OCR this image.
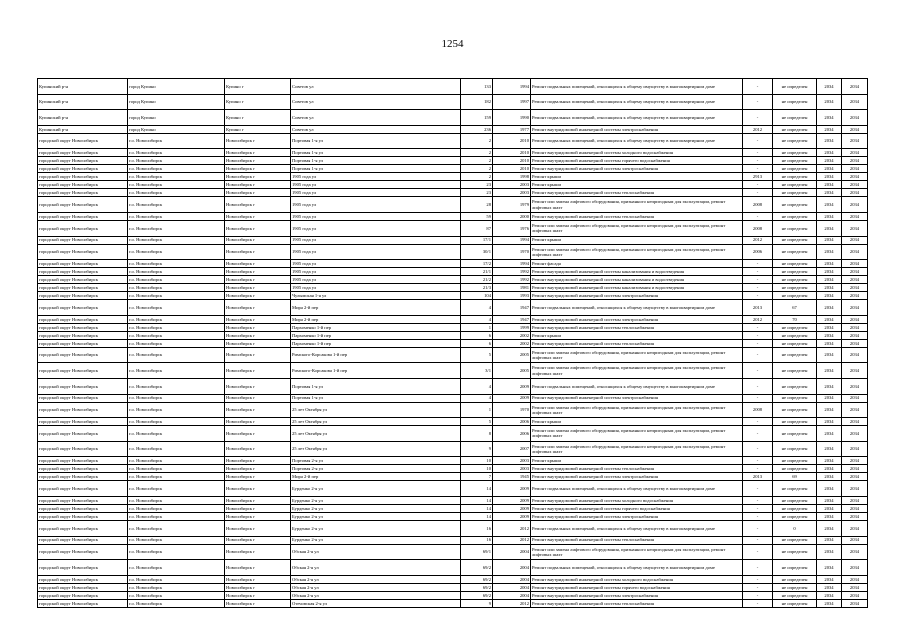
1254
Купинский р-н	город Купино	Купино г	Советов ул	133	1994	Ремонт подвальных помещений, относящихся к общему имуществу в многоквартирном доме	-	не определен	2034	2034
Купинский р-н	город Купино	Купино г	Советов ул	182	1997	Ремонт подвальных помещений, относящихся к общему имуществу в многоквартирном доме	-	не определен	2034	2034
Купинский р-н	город Купино	Купино г	Советов ул	159	1990	Ремонт подвальных помещений, относящихся к общему имуществу в многоквартирном доме	-	не определен	2034	2034
Купинский р-н	город Купино	Купино г	Советов ул	236	1977	Ремонт внутридомовой инженерной системы электроснабжения	2012	не определен	2034	2034
городской округ Новосибирск	г.о. Новосибирск	Новосибирск г	Портовая 1-я ул	2	2010	Ремонт подвальных помещений, относящихся к общему имуществу в многоквартирном доме	-	не определен	2034	2034
городской округ Новосибирск	г.о. Новосибирск	Новосибирск г	Портовая 1-я ул	2	2010	Ремонт внутридомовой инженерной системы холодного водоснабжения	-	не определен	2034	2034
городской округ Новосибирск	г.о. Новосибирск	Новосибирск г	Портовая 1-я ул	2	2010	Ремонт внутридомовой инженерной системы горячего водоснабжения	-	не определен	2034	2034
городской округ Новосибирск	г.о. Новосибирск	Новосибирск г	Портовая 1-я ул	2	2010	Ремонт внутридомовой инженерной системы электроснабжения	-	не определен	2034	2034
городской округ Новосибирск	г.о. Новосибирск	Новосибирск г	1905 года ул	2	1998	Ремонт крыши	2913	не определен	2034	2034
городской округ Новосибирск	г.о. Новосибирск	Новосибирск г	1905 года ул	23	2003	Ремонт крыши	-	не определен	2034	2034
городской округ Новосибирск	г.о. Новосибирск	Новосибирск г	1905 года ул	23	2003	Ремонт внутридомовой инженерной системы теплоснабжения	-	не определен	2034	2034
городской округ Новосибирск	г.о. Новосибирск	Новосибирск г	1905 года ул	28	1979	Ремонт или замена лифтового оборудования, признанного непригодным для эксплуатации, ремонт лифтовых шахт	2008	не определен	2034	2034
городской округ Новосибирск	г.о. Новосибирск	Новосибирск г	1905 года ул	59	2000	Ремонт внутридомовой инженерной системы теплоснабжения	-	не определен	2034	2034
городской округ Новосибирск	г.о. Новосибирск	Новосибирск г	1905 года ул	87	1976	Ремонт или замена лифтового оборудования, признанного непригодным для эксплуатации, ремонт лифтовых шахт	2008	не определен	2034	2034
городской округ Новосибирск	г.о. Новосибирск	Новосибирск г	1905 года ул	17/1	1994	Ремонт крыши	2012	не определен	2034	2034
городской округ Новосибирск	г.о. Новосибирск	Новосибирск г	1905 года ул	30/1	1970	Ремонт или замена лифтового оборудования, признанного непригодным для эксплуатации, ремонт лифтовых шахт	2006	не определен	2034	2034
городской округ Новосибирск	г.о. Новосибирск	Новосибирск г	1905 года ул	17/2	1994	Ремонт фасада	-	не определен	2034	2034
городской округ Новосибирск	г.о. Новосибирск	Новосибирск г	1905 года ул	21/1	1992	Ремонт внутридомовой инженерной системы канализования и водоотведения	-	не определен	2034	2034
городской округ Новосибирск	г.о. Новосибирск	Новосибирск г	1905 года ул	21/2	1992	Ремонт внутридомовой инженерной системы канализования и водоотведения	-	не определен	2034	2034
городской округ Новосибирск	г.о. Новосибирск	Новосибирск г	1905 года ул	21/3	1981	Ремонт внутридомовой инженерной системы канализования и водоотведения	-	не определен	2034	2034
городской округ Новосибирск	г.о. Новосибирск	Новосибирск г	Чулымская 1-я ул	104	1993	Ремонт внутридомовой инженерной системы электроснабжения	-	не определен	2034	2034
городской округ Новосибирск	г.о. Новосибирск	Новосибирск г	Мира 2-й пер	4	1947	Ремонт подвальных помещений, относящихся к общему имуществу в многоквартирном доме	2013	67	2034	2034
городской округ Новосибирск	г.о. Новосибирск	Новосибирск г	Мира 2-й пер	4	1947	Ремонт внутридомовой инженерной системы электроснабжения	2012	70	2034	2034
городской округ Новосибирск	г.о. Новосибирск	Новосибирск г	Пархоменко 1-й пер	1	1999	Ремонт внутридомовой инженерной системы теплоснабжения	-	не определен	2034	2034
городской округ Новосибирск	г.о. Новосибирск	Новосибирск г	Пархоменко 1-й пер	6	2002	Ремонт крыши	-	не определен	2034	2034
городской округ Новосибирск	г.о. Новосибирск	Новосибирск г	Пархоменко 1-й пер	6	2002	Ремонт внутридомовой инженерной системы теплоснабжения	-	не определен	2034	2034
городской округ Новосибирск	г.о. Новосибирск	Новосибирск г	Римского-Корсакова 1-й пер	5	2005	Ремонт или замена лифтового оборудования, признанного непригодным для эксплуатации, ремонт лифтовых шахт	-	не определен	2034	2034
городской округ Новосибирск	г.о. Новосибирск	Новосибирск г	Римского-Корсакова 1-й пер	3/1	2005	Ремонт или замена лифтового оборудования, признанного непригодным для эксплуатации, ремонт лифтовых шахт	-	не определен	2034	2034
городской округ Новосибирск	г.о. Новосибирск	Новосибирск г	Портовая 1-я ул	4	2009	Ремонт подвальных помещений, относящихся к общему имуществу в многоквартирном доме	-	не определен	2034	2034
городской округ Новосибирск	г.о. Новосибирск	Новосибирск г	Портовая 1-я ул	4	2009	Ремонт внутридомовой инженерной системы электроснабжения	-	не определен	2034	2034
городской округ Новосибирск	г.о. Новосибирск	Новосибирск г	25 лет Октября ул	1	1970	Ремонт или замена лифтового оборудования, признанного непригодным для эксплуатации, ремонт лифтовых шахт	2008	не определен	2034	2034
городской округ Новосибирск	г.о. Новосибирск	Новосибирск г	25 лет Октября ул	5	2006	Ремонт крыши	-	не определен	2034	2034
городской округ Новосибирск	г.о. Новосибирск	Новосибирск г	25 лет Октября ул	8	2006	Ремонт или замена лифтового оборудования, признанного непригодным для эксплуатации, ремонт лифтовых шахт	-	не определен	2034	2034
городской округ Новосибирск	г.о. Новосибирск	Новосибирск г	25 лет Октября ул	9	2007	Ремонт или замена лифтового оборудования, признанного непригодным для эксплуатации, ремонт лифтовых шахт	-	не определен	2034	2034
городской округ Новосибирск	г.о. Новосибирск	Новосибирск г	Портовая 2-я ул	10	2003	Ремонт крыши	-	не определен	2034	2034
городской округ Новосибирск	г.о. Новосибирск	Новосибирск г	Портовая 2-я ул	10	2003	Ремонт внутридомовой инженерной системы теплоснабжения	-	не определен	2034	2034
городской округ Новосибирск	г.о. Новосибирск	Новосибирск г	Мира 2-й пер	7	1945	Ремонт внутридомовой инженерной системы электроснабжения	2013	69	2034	2034
городской округ Новосибирск	г.о. Новосибирск	Новосибирск г	Бурденко 2-я ул	14	2009	Ремонт подвальных помещений, относящихся к общему имуществу в многоквартирном доме	-	не определен	2034	2034
городской округ Новосибирск	г.о. Новосибирск	Новосибирск г	Бурденко 2-я ул	14	2009	Ремонт внутридомовой инженерной системы холодного водоснабжения	-	не определен	2034	2034
городской округ Новосибирск	г.о. Новосибирск	Новосибирск г	Бурденко 2-я ул	14	2009	Ремонт внутридомовой инженерной системы горячего водоснабжения	-	не определен	2034	2034
городской округ Новосибирск	г.о. Новосибирск	Новосибирск г	Бурденко 2-я ул	14	2009	Ремонт внутридомовой инженерной системы электроснабжения	-	не определен	2034	2034
городской округ Новосибирск	г.о. Новосибирск	Новосибирск г	Бурденко 2-я ул	16	2012	Ремонт подвальных помещений, относящихся к общему имуществу в многоквартирном доме	-	0	2034	2034
городской округ Новосибирск	г.о. Новосибирск	Новосибирск г	Бурденко 2-я ул	16	2012	Ремонт внутридомовой инженерной системы теплоснабжения	-	не определен	2034	2034
городской округ Новосибирск	г.о. Новосибирск	Новосибирск г	Обская 2-я ул	69/1	2004	Ремонт или замена лифтового оборудования, признанного непригодным для эксплуатации, ремонт лифтовых шахт	-	не определен	2034	2034
городской округ Новосибирск	г.о. Новосибирск	Новосибирск г	Обская 2-я ул	69/2	2004	Ремонт подвальных помещений, относящихся к общему имуществу в многоквартирном доме	-	не определен	2034	2034
городской округ Новосибирск	г.о. Новосибирск	Новосибирск г	Обская 2-я ул	69/2	2004	Ремонт внутридомовой инженерной системы холодного водоснабжения	-	не определен	2034	2034
городской округ Новосибирск	г.о. Новосибирск	Новосибирск г	Обская 2-я ул	69/2	2004	Ремонт внутридомовой инженерной системы горячего водоснабжения	-	не определен	2034	2034
городской округ Новосибирск	г.о. Новосибирск	Новосибирск г	Обская 2-я ул	69/2	2004	Ремонт внутридомовой инженерной системы электроснабжения	-	не определен	2034	2034
городской округ Новосибирск	г.о. Новосибирск	Новосибирск г	Отечовская 2-я ул	9	2012	Ремонт внутридомовой инженерной системы теплоснабжения	-	не определен	2034	2034
